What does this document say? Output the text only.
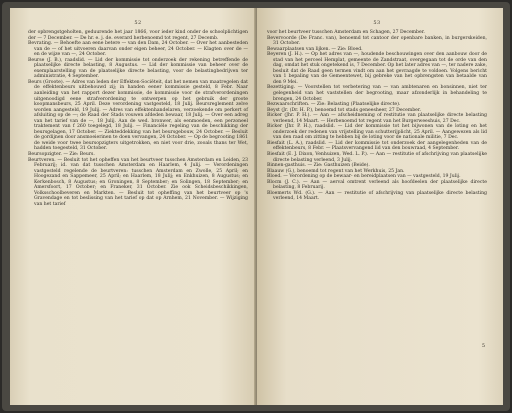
52

der opbrengstgeholten, geduurende het jaar 1866, voor ieder kind onder de schoolplichtigen der — 7 December. — De hr. e. j. de. everard herbenoemd tot regent, 27 Decemb.

Bevrating. — Behoefte aan eene betere — van den Dam, 24 October. — Over het aanbesteden van de — of het uitvoeren daarvan onder eigen beheer, 24 October. — Klagten over de — en de wijze van —, 24 October.

Beurse (J. B.), raadslid. — Lid der kommissie tot onderzoek der rekening betreffende de plaatselijke directe belasting, 8 Augustus. — Lid der kommissie van beheer over de exemplaarstelling van de plaatselijke directe belasting, voor de belastingbedrijven ter administratie, 4 September.

Beurs (Groote). — Adres van leden der Effekten-Sociëteit, dat het nemen van maatregelen dat de effektenbeurs uitbehouwd zij; in handen eener kommissie gesteld, 8 Febr. Naar aanleiding van het rapport dezer kommissie, de kommissie voor de strafverordeningen uitgenoodigd eene strafverordening te ontwerpen op het gebruik der groote koopmansbeurs, 25 April. Deze verordening vastgesteld, 18 Julij. Beursreglement zelve worden aangesteld, 19 Julij. — Adres van effektenhandelaren, verzoekende om perkert of afsluiting op de —; de Raad der Stads vouwen afdeden bewaar, 18 Julij. — Over een adreg van het tarief van de —, 18 Julij. Aan de wed. bronwer, als eenmoeden, een perzoneel traktement van f 260 toegelegd, 18 Julij. — Financiële regeling van de beschikking der beursgelagen, 17 October. — Ziekteddekking van het beursgebouw, 24 October. — Besluit de gordijnen door ansmoeierinen te doen vervangen, 24 October. — Op de begrooting 1861 de weide voor twee beursopzigters uitgetrokken, en niet voor drie, zooals thans ter Wet, hadden toegesteld, 31 October.

Beursopzigter. — Zie: Beurs.

Beurtveren. — Besluit tot het opheffen van het beurtveer tusschen Amsterdam en Leiden, 23 Februarij; id. van dat tusschen Amsterdam en Haarlem, 4 Julij. — Verordeningen vastgesteld regelende de beurtveren: tusschen Amsterdam en Zwolle, 25 April; en Hoogezand en Sappemeer, 25 April; en Haarlem, 18 Julij; en Enkhuizen, 8 Augustus; en Kerkenbosch, 8 Augustus; en Groningen, 8 September; en Solingen, 18 September; en Amersfoort, 17 October; en Franeker, 31 October. Zie ook Scheidsbeschikkingen, Volksschoolbeveren en Markten. — Besluit tot opheffing van het beurtveer op 's Gravendage en tot beslissing van het tarief op dat op Arnhem, 21 November. — Wijziging van het tarief

53

voor het beurtveer tusschen Amsterdam en Schagen, 27 December.

Bevervoorde (De Franc. van), benoemd tot cantoor der openbare banken, in burgerskeiden, 31 October.

Bewaarplaatsen van lijken. — Zie: Bloed.

Beyeren (J. H.). — Op het adres van —, houdende beschouwingen over den aanbouw door de stad van het perceel Hemplat, gemeente de Zandstraat, overgegaan tot de orde van den dag, omdat het stuk ongetekend is, 7 December. Op het later adres van —, ter nadere zake, besluit dat de Raad geen termen vindt om aan het gevraagde te voldoen. Volgens bericht van 1 bepaling van de Gemeentewet, bij gebreke van het opbrengsten van betaalde van den 9 Mei.

Bezettiging. — Voorstellen tot verbetering van — van ambtenaren en bonsinnen, niet ter gelegenheid van het vaststellen der begrooting, maar afzonderlijk in behandeling te brengen, 24 October.

Bezwaarschriften. — Zie: Belasting (Plaatselijke directe).

Beyst (Jr. (Dr. H. P.), benoemd tot stads geneesheer, 27 December.

Bicker (Jhr. P. H.). — Aan — afscheidneming of restitutie van plaatselijke directe belasting verleend, 14 Maart. — Herbenoemd tot regent van het Burgerweeshuis, 27 Dec.

Bicker (Jhr. P. H.), raadslid. — Lid der kommissie tot het bijwonen van de loting en het onderzoek der redenen van vrijstelling van schutterijplicht, 25 April. — Aangewezen als lid van den raad om zitting te hebben bij de loting voor de nationale militie, 7 Dec.

Biesfait (L. A.), raadslid. — Lid der kommissie tot onderzoek der aangelegenheden van de effektenbeurs, 8 Febr. — Plaatsvervangend lid van den bouwraad, 4 September.

Biesfait (E. J. Dixon, Venhuizen, Wed. L. P.). — Aan — restitutie of afschrijving van plaatselijke directe belasting verleend, 3 Julij.

Binnen-gasthuis. — Zie: Gasthuizen (Beide).

Blaauw (G.), benoemd tot regent van het Werkhuis, 25 Jan.

Bloed. — Verordening op de bewaar- en bereidplaatsen van — vastgesteld, 19 Julij.

Blocm (J. C.). — Aan — aerval omtrent verleend als hoofdeelen der plaatselijke directe belasting, 8 Februarij.

Bloemerts Wd. (G.). — Aan — restitutie of afschrijving van plaatselijke directe belasting verleend, 14 Maart.

5
